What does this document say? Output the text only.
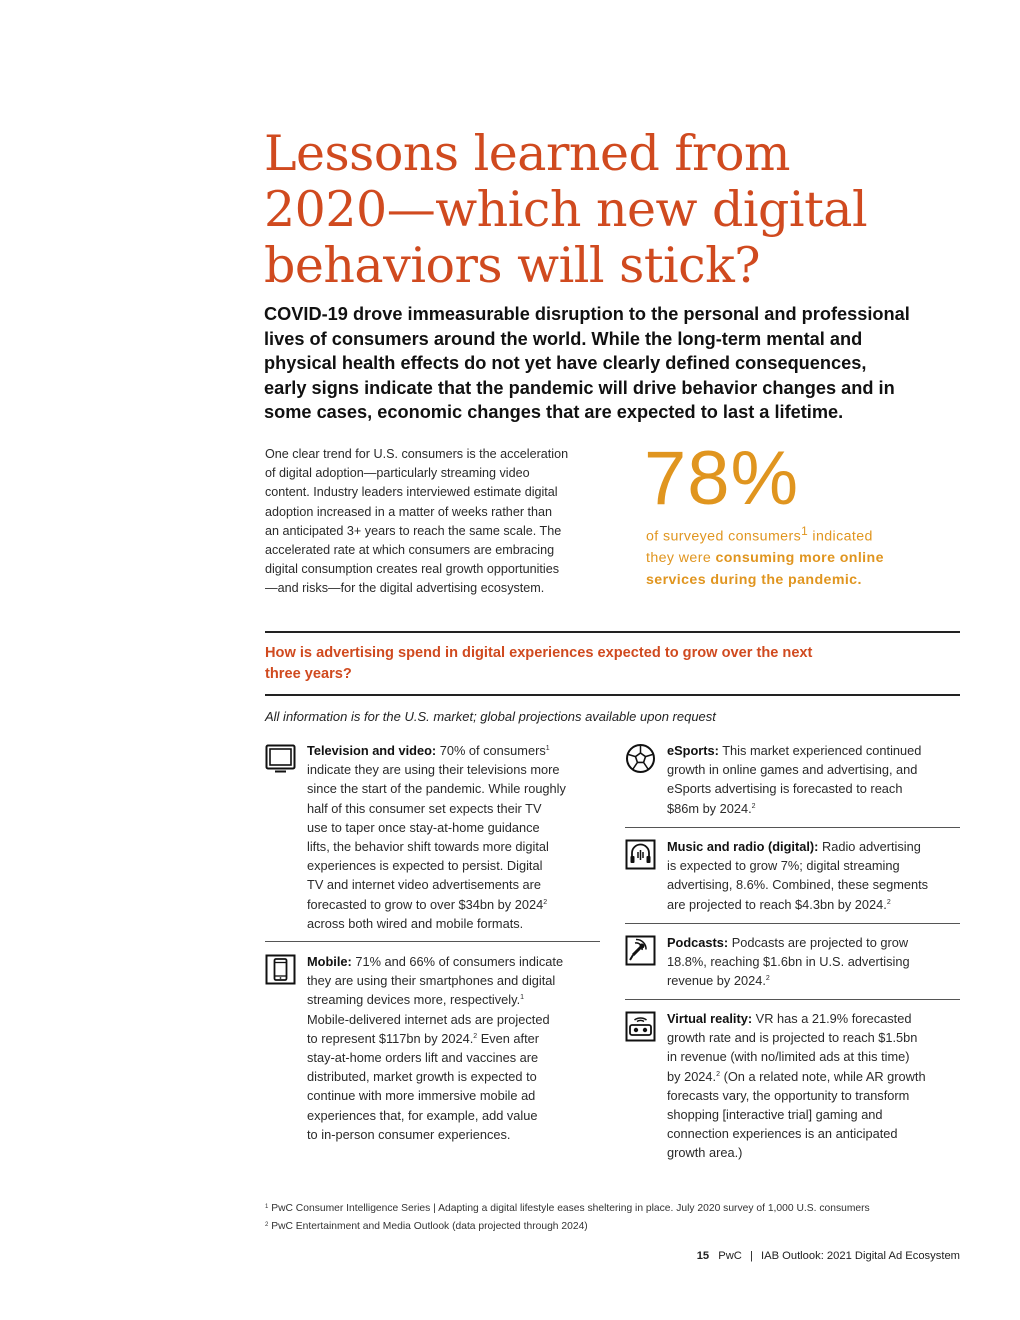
Lessons learned from
2020—which new digital
behaviors will stick?

COVID-19 drove immeasurable disruption to the personal and professional
lives of consumers around the world. While the long-term mental and
physical health effects do not yet have clearly defined consequences,
early signs indicate that the pandemic will drive behavior changes and in
some cases, economic changes that are expected to last a lifetime.

One clear trend for U.S. consumers is the acceleration
of digital adoption—particularly streaming video
content. Industry leaders interviewed estimate digital
adoption increased in a matter of weeks rather than
an anticipated 3+ years to reach the same scale. The
accelerated rate at which consumers are embracing
digital consumption creates real growth opportunities
—and risks—for the digital advertising ecosystem.

78%

of surveyed consumers$^1$ indicated
they were consuming more online
services during the pandemic.

How is advertising spend in digital experiences expected to grow over the next
three years?

All information is for the U.S. market; global projections available upon request

Television and video: 70% of consumers$^1$
indicate they are using their televisions more
since the start of the pandemic. While roughly
half of this consumer set expects their TV
use to taper once stay-at-home guidance
lifts, the behavior shift towards more digital
experiences is expected to persist. Digital
TV and internet video advertisements are
forecasted to grow to over $34bn by 2024$^2$
across both wired and mobile formats.

Mobile: 71% and 66% of consumers indicate
they are using their smartphones and digital
streaming devices more, respectively.$^1$
Mobile-delivered internet ads are projected
to represent $117bn by 2024.$^2$ Even after
stay-at-home orders lift and vaccines are
distributed, market growth is expected to
continue with more immersive mobile ad
experiences that, for example, add value
to in-person consumer experiences.

eSports: This market experienced continued
growth in online games and advertising, and
eSports advertising is forecasted to reach
$86m by 2024.$^2$

Music and radio (digital): Radio advertising
is expected to grow 7%; digital streaming
advertising, 8.6%. Combined, these segments
are projected to reach $4.3bn by 2024.$^2$

Podcasts: Podcasts are projected to grow
18.8%, reaching $1.6bn in U.S. advertising
revenue by 2024.$^2$

Virtual reality: VR has a 21.9% forecasted
growth rate and is projected to reach $1.5bn
in revenue (with no/limited ads at this time)
by 2024.$^2$ (On a related note, while AR growth
forecasts vary, the opportunity to transform
shopping [interactive trial] gaming and
connection experiences is an anticipated
growth area.)

$^1$ PwC Consumer Intelligence Series | Adapting a digital lifestyle eases sheltering in place. July 2020 survey of 1,000 U.S. consumers
$^2$ PwC Entertainment and Media Outlook (data projected through 2024)
15 PwC | IAB Outlook: 2021 Digital Ad Ecosystem
